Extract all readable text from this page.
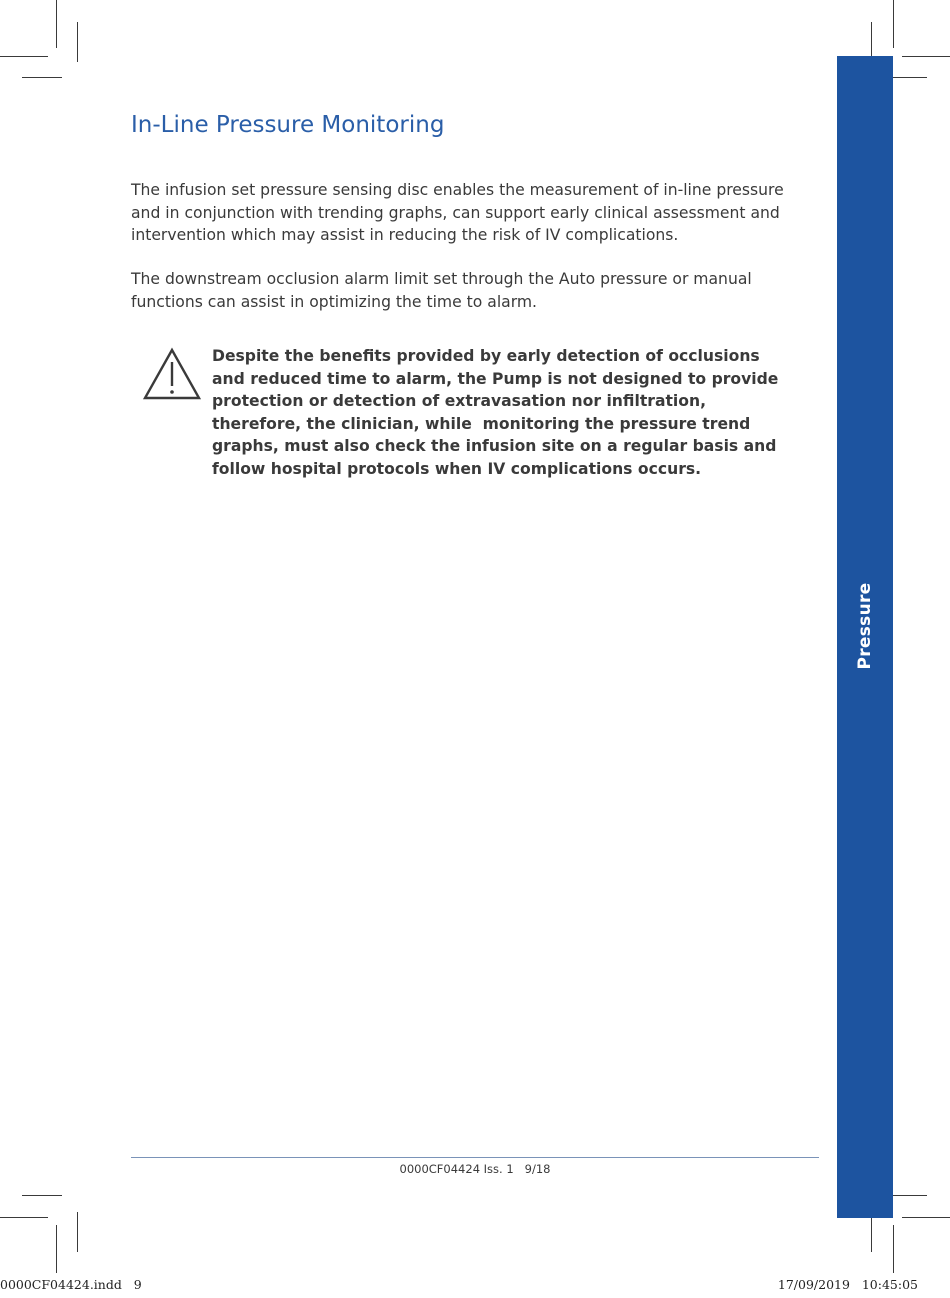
Pressure
In-Line Pressure Monitoring

The infusion set pressure sensing disc enables the measurement of in-line pressure and in conjunction with trending graphs, can support early clinical assessment and intervention which may assist in reducing the risk of IV complications.

The downstream occlusion alarm limit set through the Auto pressure or manual functions can assist in optimizing the time to alarm.

Despite the benefits provided by early detection of occlusions and reduced time to alarm, the Pump is not designed to provide protection or detection of extravasation nor infiltration, therefore, the clinician, while  monitoring the pressure trend graphs, must also check the infusion site on a regular basis and  follow hospital protocols when IV complications occurs.

0000CF04424 Iss. 1   9/18
0000CF04424.indd   9	17/09/2019   10:45:05
